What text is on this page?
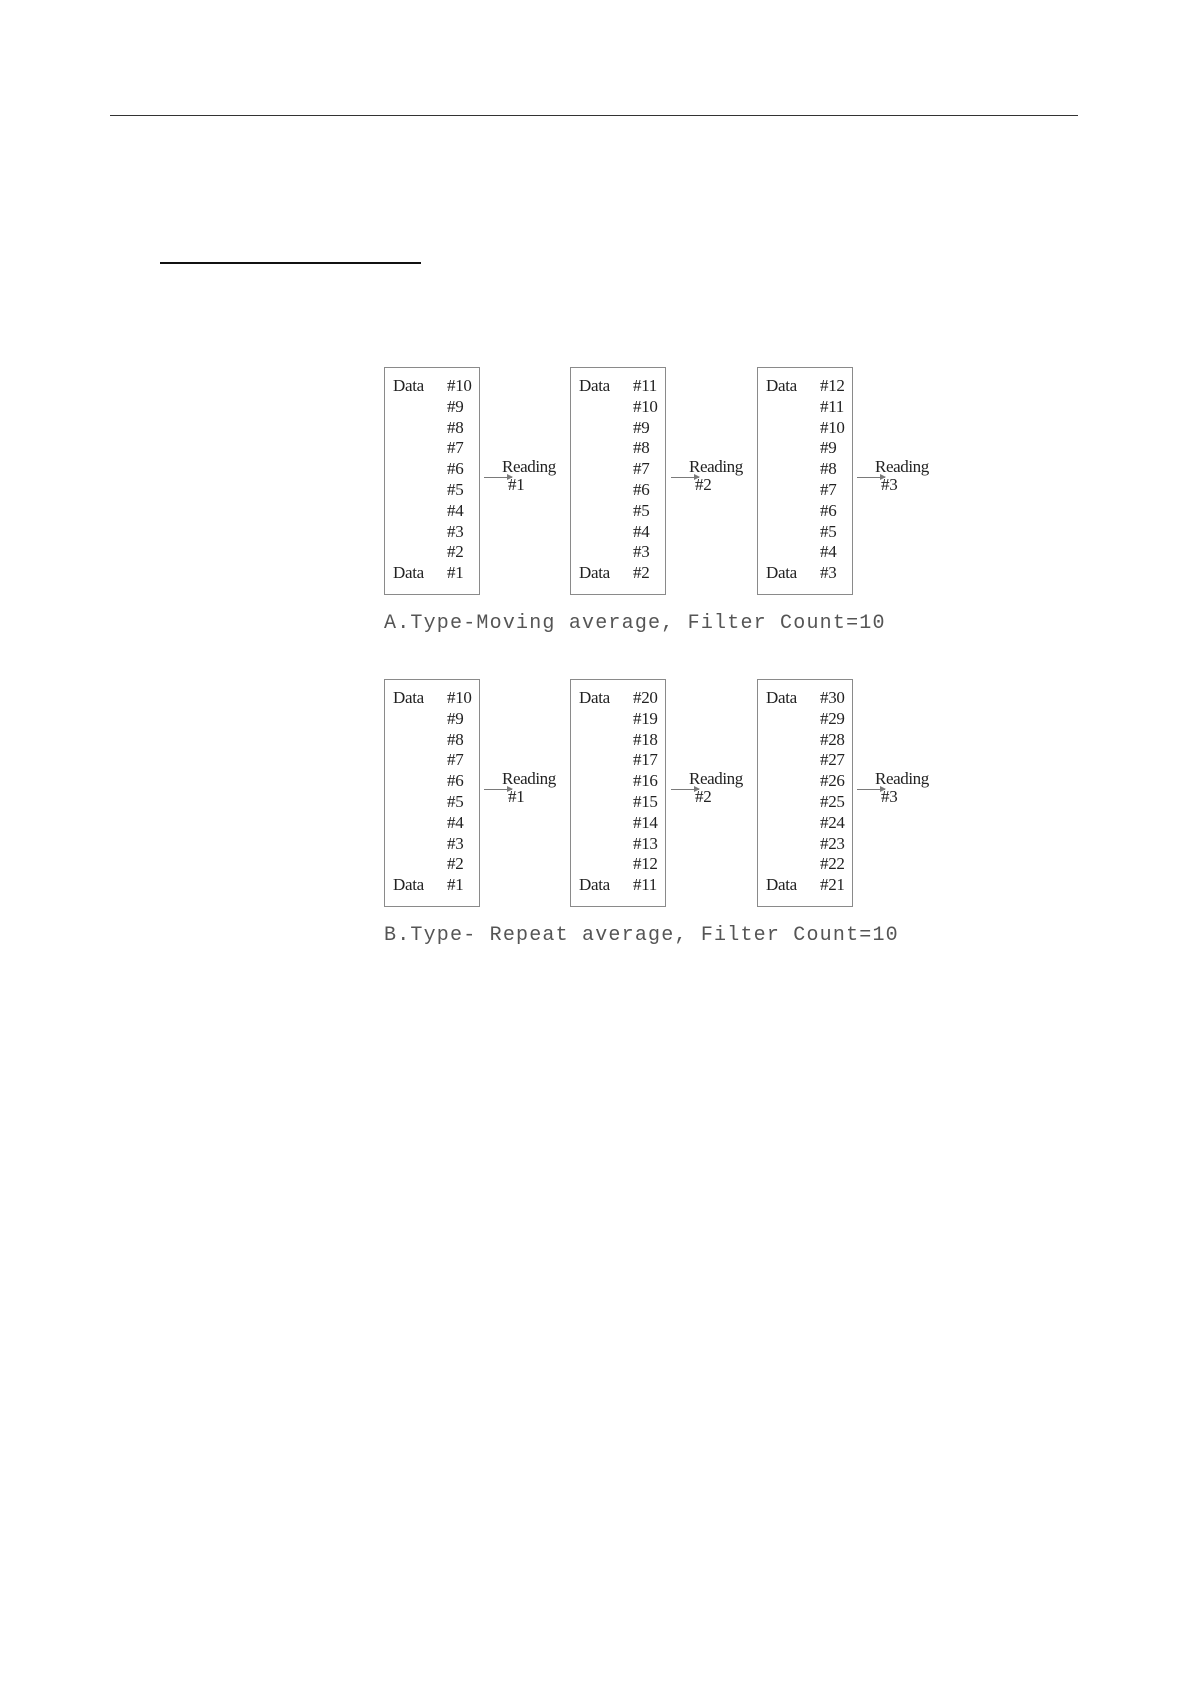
Data #10
#9
#8
#7
#6
#5
#4
#3
#2
#1
Data
Reading
#1
Data #11
#10
#9
#8
#7
#6
#5
#4
#3
#2
Data
Reading
#2
Data #12
#11
#10
#9
#8
#7
#6
#5
#4
#3
Data
Reading
#3
A.Type-Moving average, Filter Count=10
Data #10
#9
#8
#7
#6
#5
#4
#3
#2
#1
Data
Reading
#1
Data #20
#19
#18
#17
#16
#15
#14
#13
#12
#11
Data
Reading
#2
Data #30
#29
#28
#27
#26
#25
#24
#23
#22
#21
Data
Reading
#3
B.Type- Repeat average, Filter Count=10
